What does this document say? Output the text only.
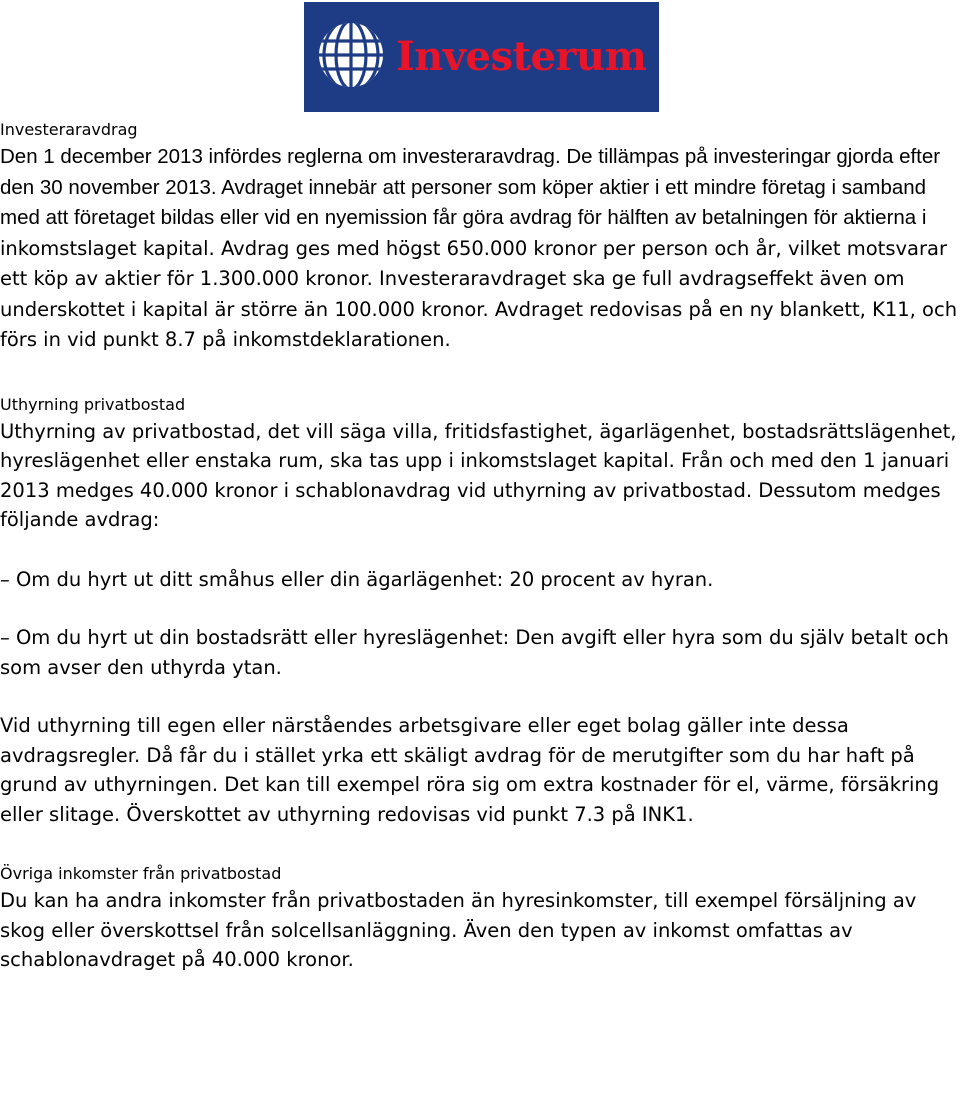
Investerum
Investeraravdrag

Den 1 december 2013 infördes reglerna om investeraravdrag. De tillämpas på investeringar gjorda efter den 30 november 2013. Avdraget innebär att personer som köper aktier i ett mindre företag i samband med att företaget bildas eller vid en nyemission får göra avdrag för hälften av betalningen för aktierna i inkomstslaget kapital. Avdrag ges med högst 650.000 kronor per person och år, vilket motsvarar ett köp av aktier för 1.300.000 kronor. Investeraravdraget ska ge full avdragseffekt även om underskottet i kapital är större än 100.000 kronor. Avdraget redovisas på en ny blankett, K11, och förs in vid punkt 8.7 på inkomstdeklarationen.

Uthyrning privatbostad

Uthyrning av privatbostad, det vill säga villa, fritidsfastighet, ägarlägenhet, bostadsrättslägenhet, hyreslägenhet eller enstaka rum, ska tas upp i inkomstslaget kapital. Från och med den 1 januari 2013 medges 40.000 kronor i schablonavdrag vid uthyrning av privatbostad. Dessutom medges följande avdrag:

– Om du hyrt ut ditt småhus eller din ägarlägenhet: 20 procent av hyran.

– Om du hyrt ut din bostadsrätt eller hyreslägenhet: Den avgift eller hyra som du själv betalt och som avser den uthyrda ytan.

Vid uthyrning till egen eller närståendes arbetsgivare eller eget bolag gäller inte dessa avdragsregler. Då får du i stället yrka ett skäligt avdrag för de merutgifter som du har haft på grund av uthyrningen. Det kan till exempel röra sig om extra kostnader för el, värme, försäkring eller slitage. Överskottet av uthyrning redovisas vid punkt 7.3 på INK1.

Övriga inkomster från privatbostad

Du kan ha andra inkomster från privatbostaden än hyresinkomster, till exempel försäljning av skog eller överskottsel från solcellsanläggning. Även den typen av inkomst omfattas av schablonavdraget på 40.000 kronor.
